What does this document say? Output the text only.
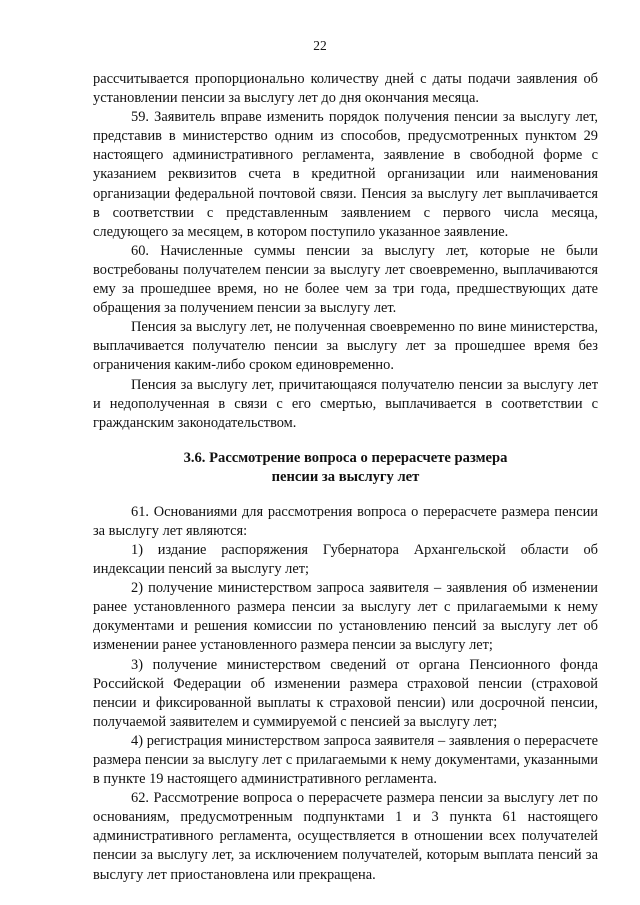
22

рассчитывается пропорционально количеству дней с даты подачи заявления об установлении пенсии за выслугу лет до дня окончания месяца.

59. Заявитель вправе изменить порядок получения пенсии за выслугу лет, представив в министерство одним из способов, предусмотренных пунктом 29 настоящего административного регламента, заявление в свободной форме с указанием реквизитов счета в кредитной организации или наименования организации федеральной почтовой связи. Пенсия за выслугу лет выплачивается в соответствии с представленным заявлением с первого числа месяца, следующего за месяцем, в котором поступило указанное заявление.

60. Начисленные суммы пенсии за выслугу лет, которые не были востребованы получателем пенсии за выслугу лет своевременно, выплачиваются ему за прошедшее время, но не более чем за три года, предшествующих дате обращения за получением пенсии за выслугу лет.

Пенсия за выслугу лет, не полученная своевременно по вине министерства, выплачивается получателю пенсии за выслугу лет за прошедшее время без ограничения каким-либо сроком единовременно.

Пенсия за выслугу лет, причитающаяся получателю пенсии за выслугу лет и недополученная в связи с его смертью, выплачивается в соответствии с гражданским законодательством.

3.6. Рассмотрение вопроса о перерасчете размера
пенсии за выслугу лет

61. Основаниями для рассмотрения вопроса о перерасчете размера пенсии за выслугу лет являются:

1) издание распоряжения Губернатора Архангельской области об индексации пенсий за выслугу лет;

2) получение министерством запроса заявителя – заявления об изменении ранее установленного размера пенсии за выслугу лет с прилагаемыми к нему документами и решения комиссии по установлению пенсий за выслугу лет об изменении ранее установленного размера пенсии за выслугу лет;

3) получение министерством сведений от органа Пенсионного фонда Российской Федерации об изменении размера страховой пенсии (страховой пенсии и фиксированной выплаты к страховой пенсии) или досрочной пенсии, получаемой заявителем и суммируемой с пенсией за выслугу лет;

4) регистрация министерством запроса заявителя – заявления о перерасчете размера пенсии за выслугу лет с прилагаемыми к нему документами, указанными в пункте 19 настоящего административного регламента.

62. Рассмотрение вопроса о перерасчете размера пенсии за выслугу лет по основаниям, предусмотренным подпунктами 1 и 3 пункта 61 настоящего административного регламента, осуществляется в отношении всех получателей пенсии за выслугу лет, за исключением получателей, которым выплата пенсий за выслугу лет приостановлена или прекращена.
